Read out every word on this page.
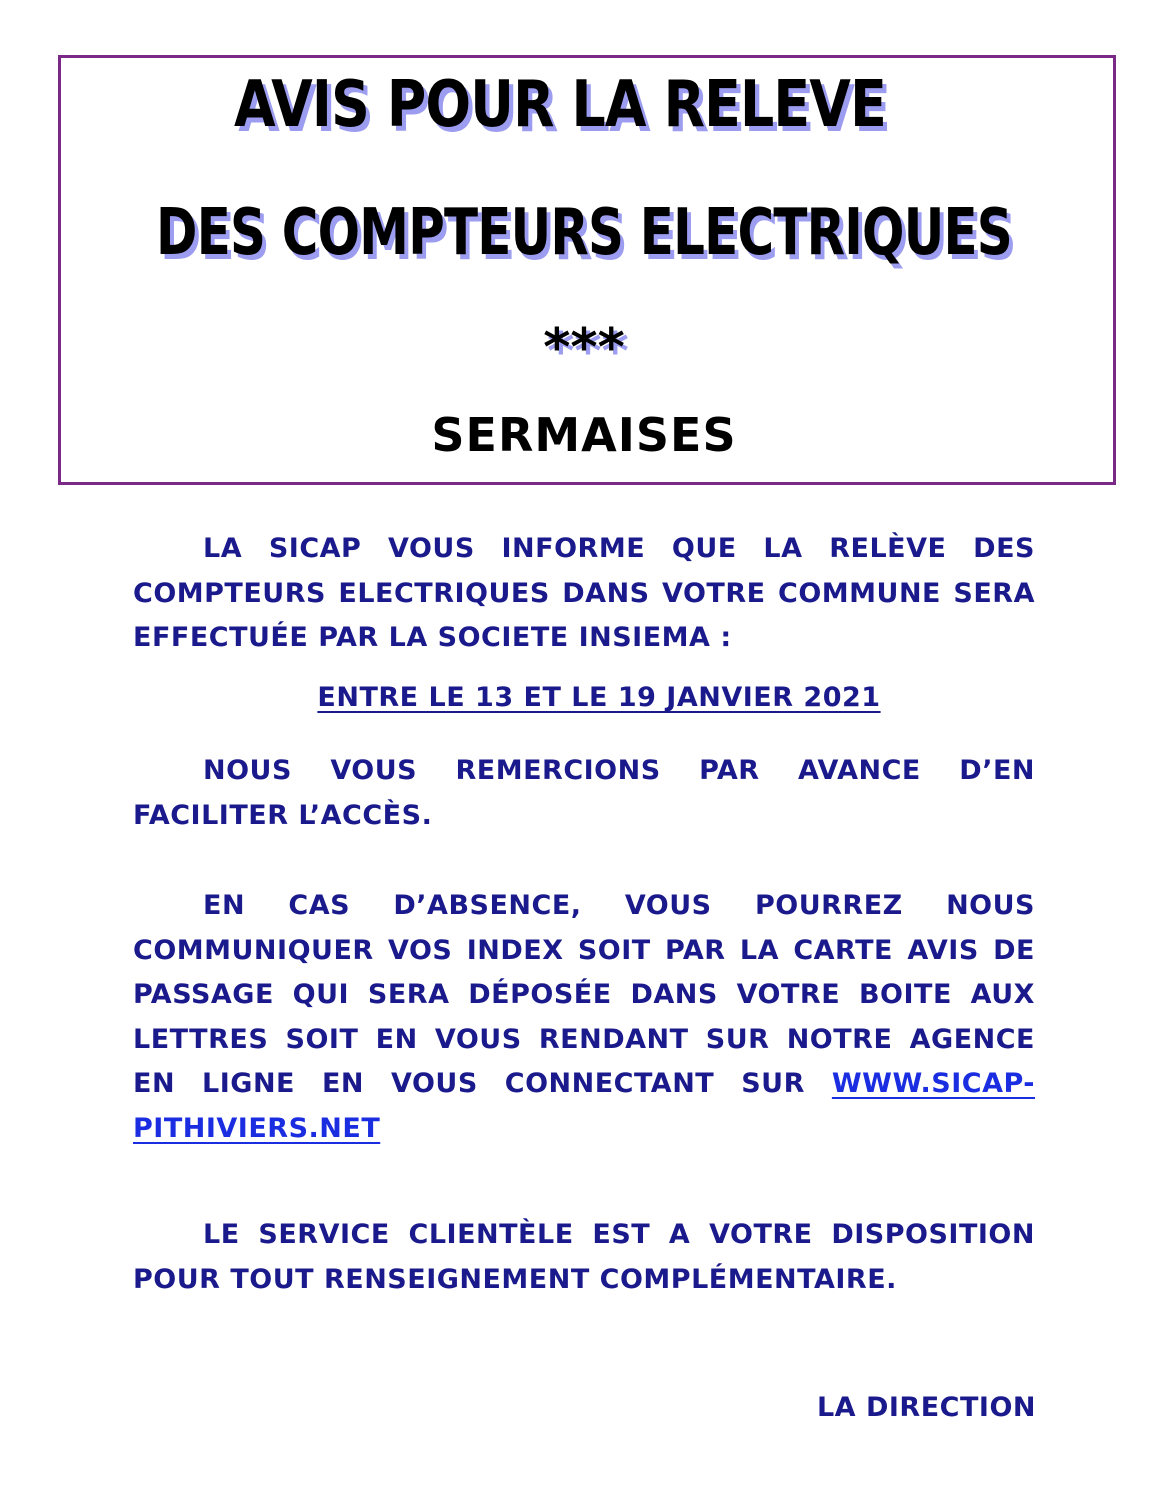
AVIS POUR LA RELEVE
DES COMPTEURS ELECTRIQUES
***
SERMAISES

LA SICAP VOUS INFORME QUE LA RELÈVE DES COMPTEURS ELECTRIQUES DANS VOTRE COMMUNE SERA EFFECTUÉE PAR LA SOCIETE INSIEMA :

ENTRE LE 13 ET LE 19 JANVIER 2021

NOUS VOUS REMERCIONS PAR AVANCE D’EN FACILITER L’ACCÈS.

EN CAS D’ABSENCE, VOUS POURREZ NOUS COMMUNIQUER VOS INDEX SOIT PAR LA CARTE AVIS DE PASSAGE QUI SERA DÉPOSÉE DANS VOTRE BOITE AUX LETTRES SOIT EN VOUS RENDANT SUR NOTRE AGENCE EN LIGNE EN VOUS CONNECTANT SUR WWW.SICAP-PITHIVIERS.NET

LE SERVICE CLIENTÈLE EST A VOTRE DISPOSITION POUR TOUT RENSEIGNEMENT COMPLÉMENTAIRE.

LA DIRECTION
